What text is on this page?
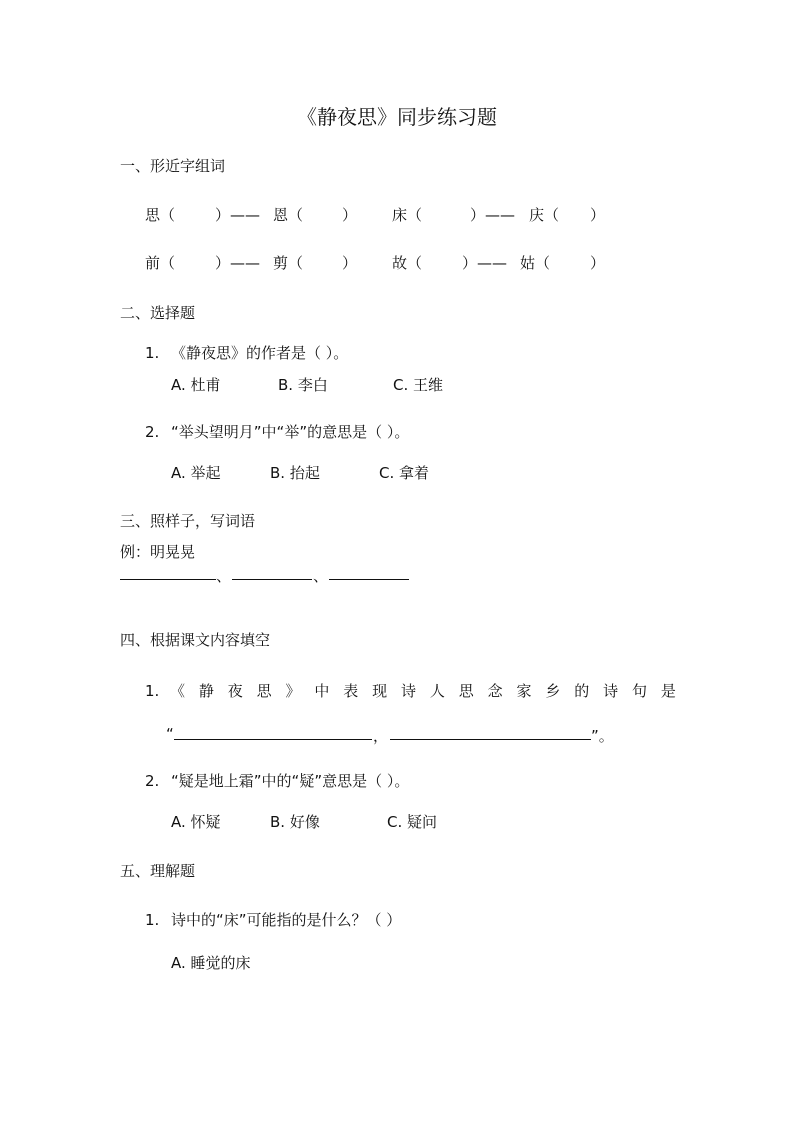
《静夜思》同步练习题
一、形近字组词
思（	）—— 恩（	） 床（	）—— 庆（ ）
前（	）—— 剪（	） 故（	）—— 姑（	）
二、选择题
1. 《静夜思》的作者是（ ）。
A. 杜甫	B. 李白	C. 王维
2. “举头望明月”中“举”的意思是（ ）。
A. 举起	B. 抬起	C. 拿着
三、照样子，写词语
例：明晃晃
、	、
四、根据课文内容填空
1. 《 静 夜 思 》 中 表 现 诗 人 思 念 家 乡 的 诗 句 是
“	，	”。
2. “疑是地上霜”中的“疑”意思是（ ）。
A. 怀疑	B. 好像	C. 疑问
五、理解题
1. 诗中的“床”可能指的是什么？（ ）
A. 睡觉的床
